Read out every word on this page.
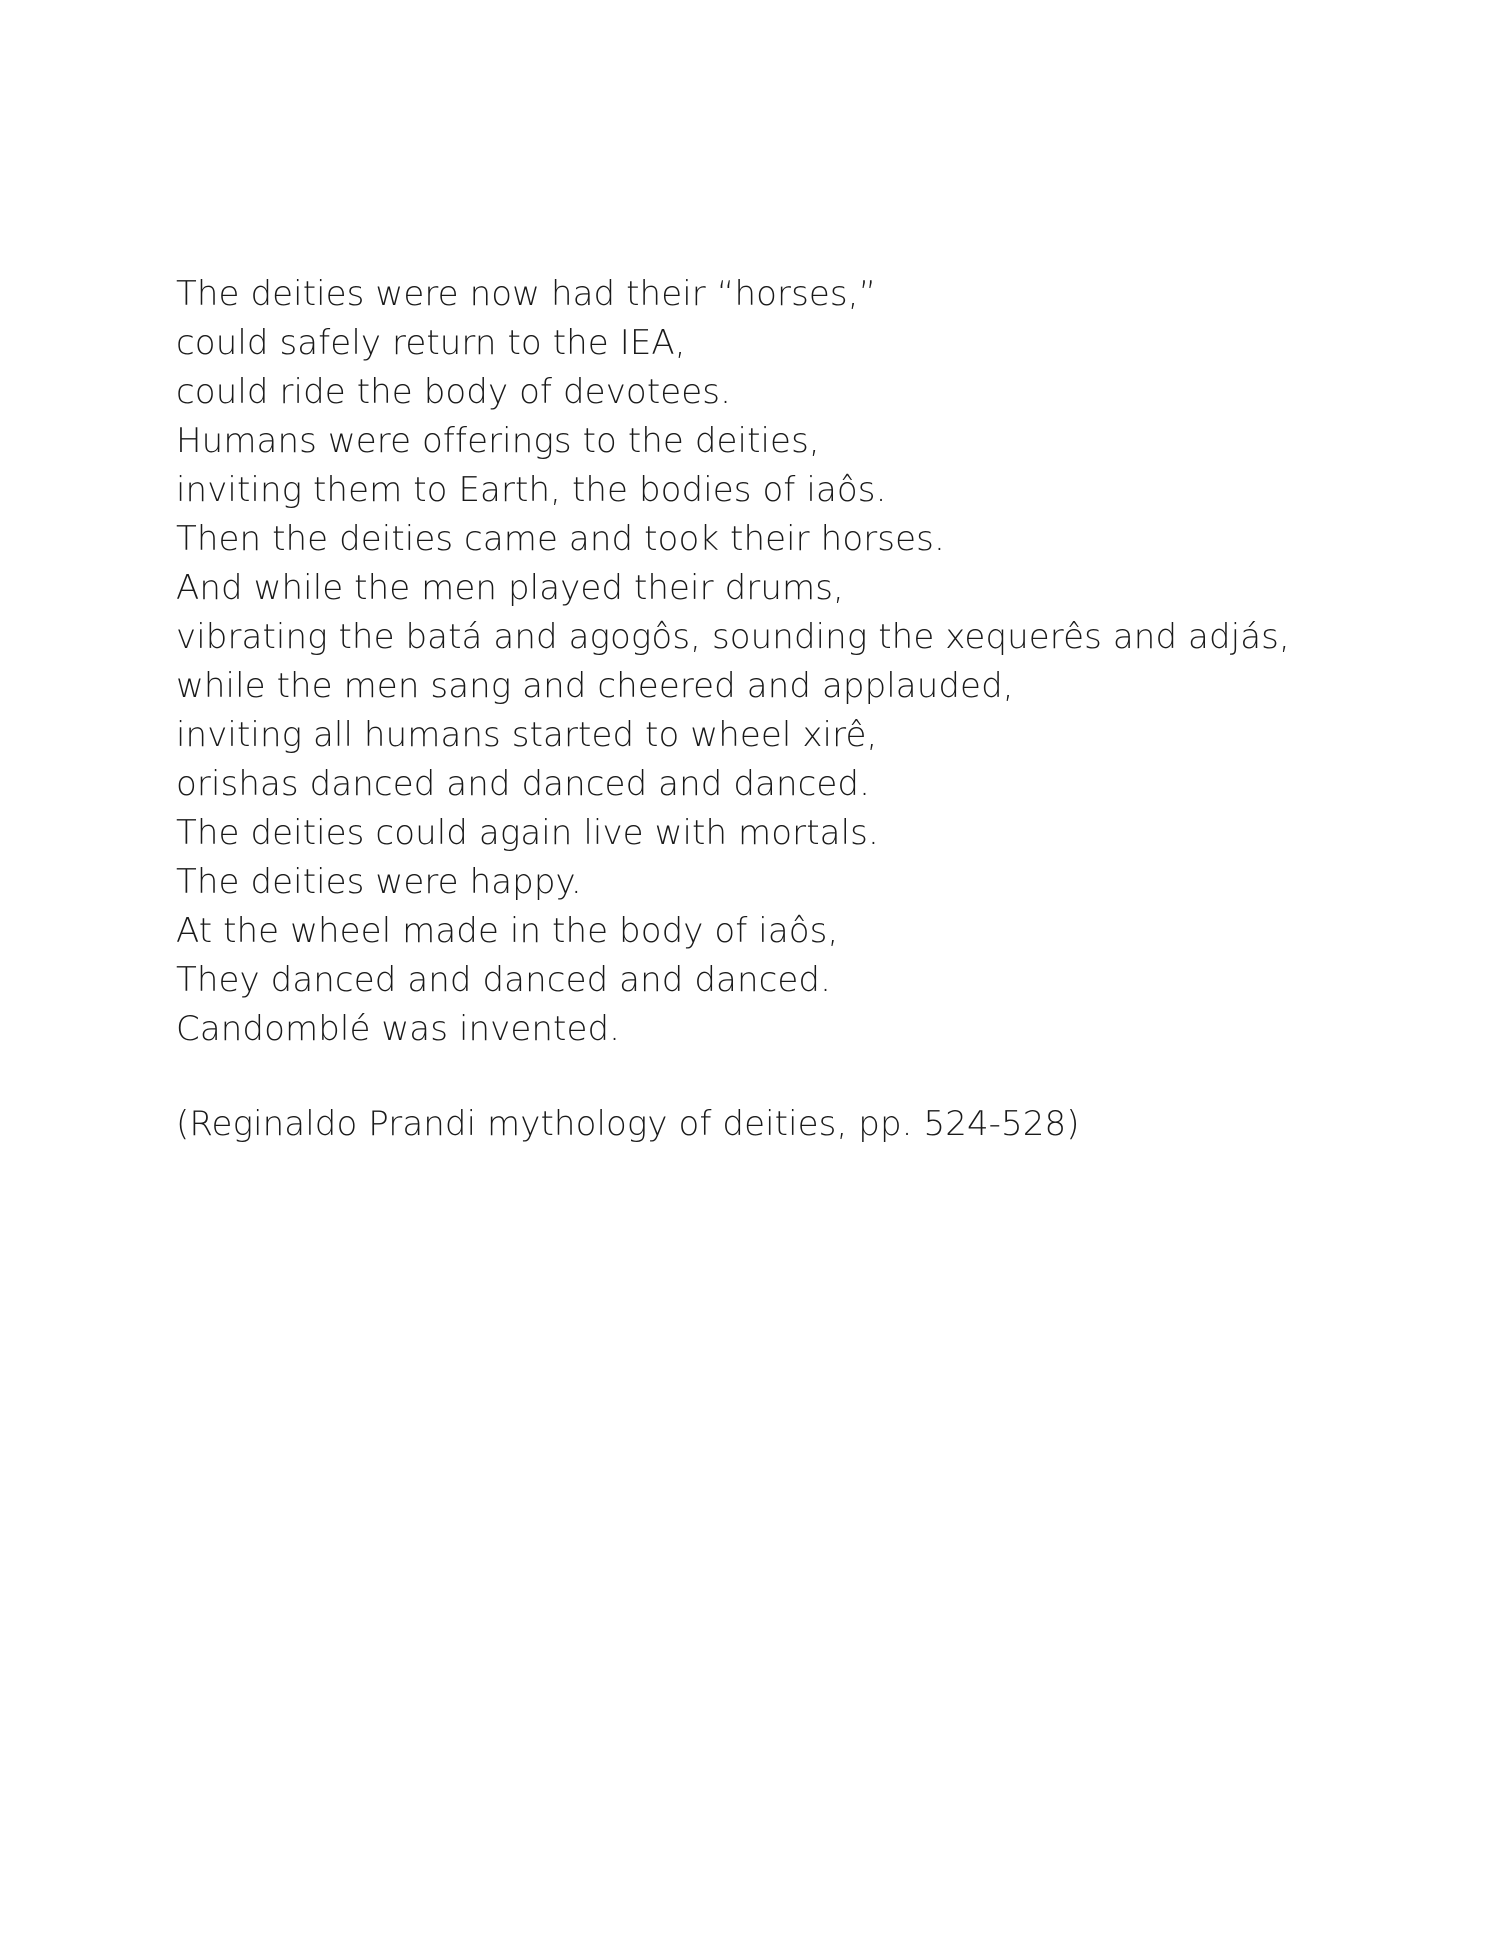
The deities were now had their “horses,”
could safely return to the IEA,
could ride the body of devotees.
Humans were offerings to the deities,
inviting them to Earth, the bodies of iaôs.
Then the deities came and took their horses.
And while the men played their drums,
vibrating the batá and agogôs, sounding the xequerês and adjás,
while the men sang and cheered and applauded,
inviting all humans started to wheel xirê,
orishas danced and danced and danced.
The deities could again live with mortals.
The deities were happy.
At the wheel made in the body of iaôs,
They danced and danced and danced.
Candomblé was invented.
(Reginaldo Prandi mythology of deities, pp. 524-528)
